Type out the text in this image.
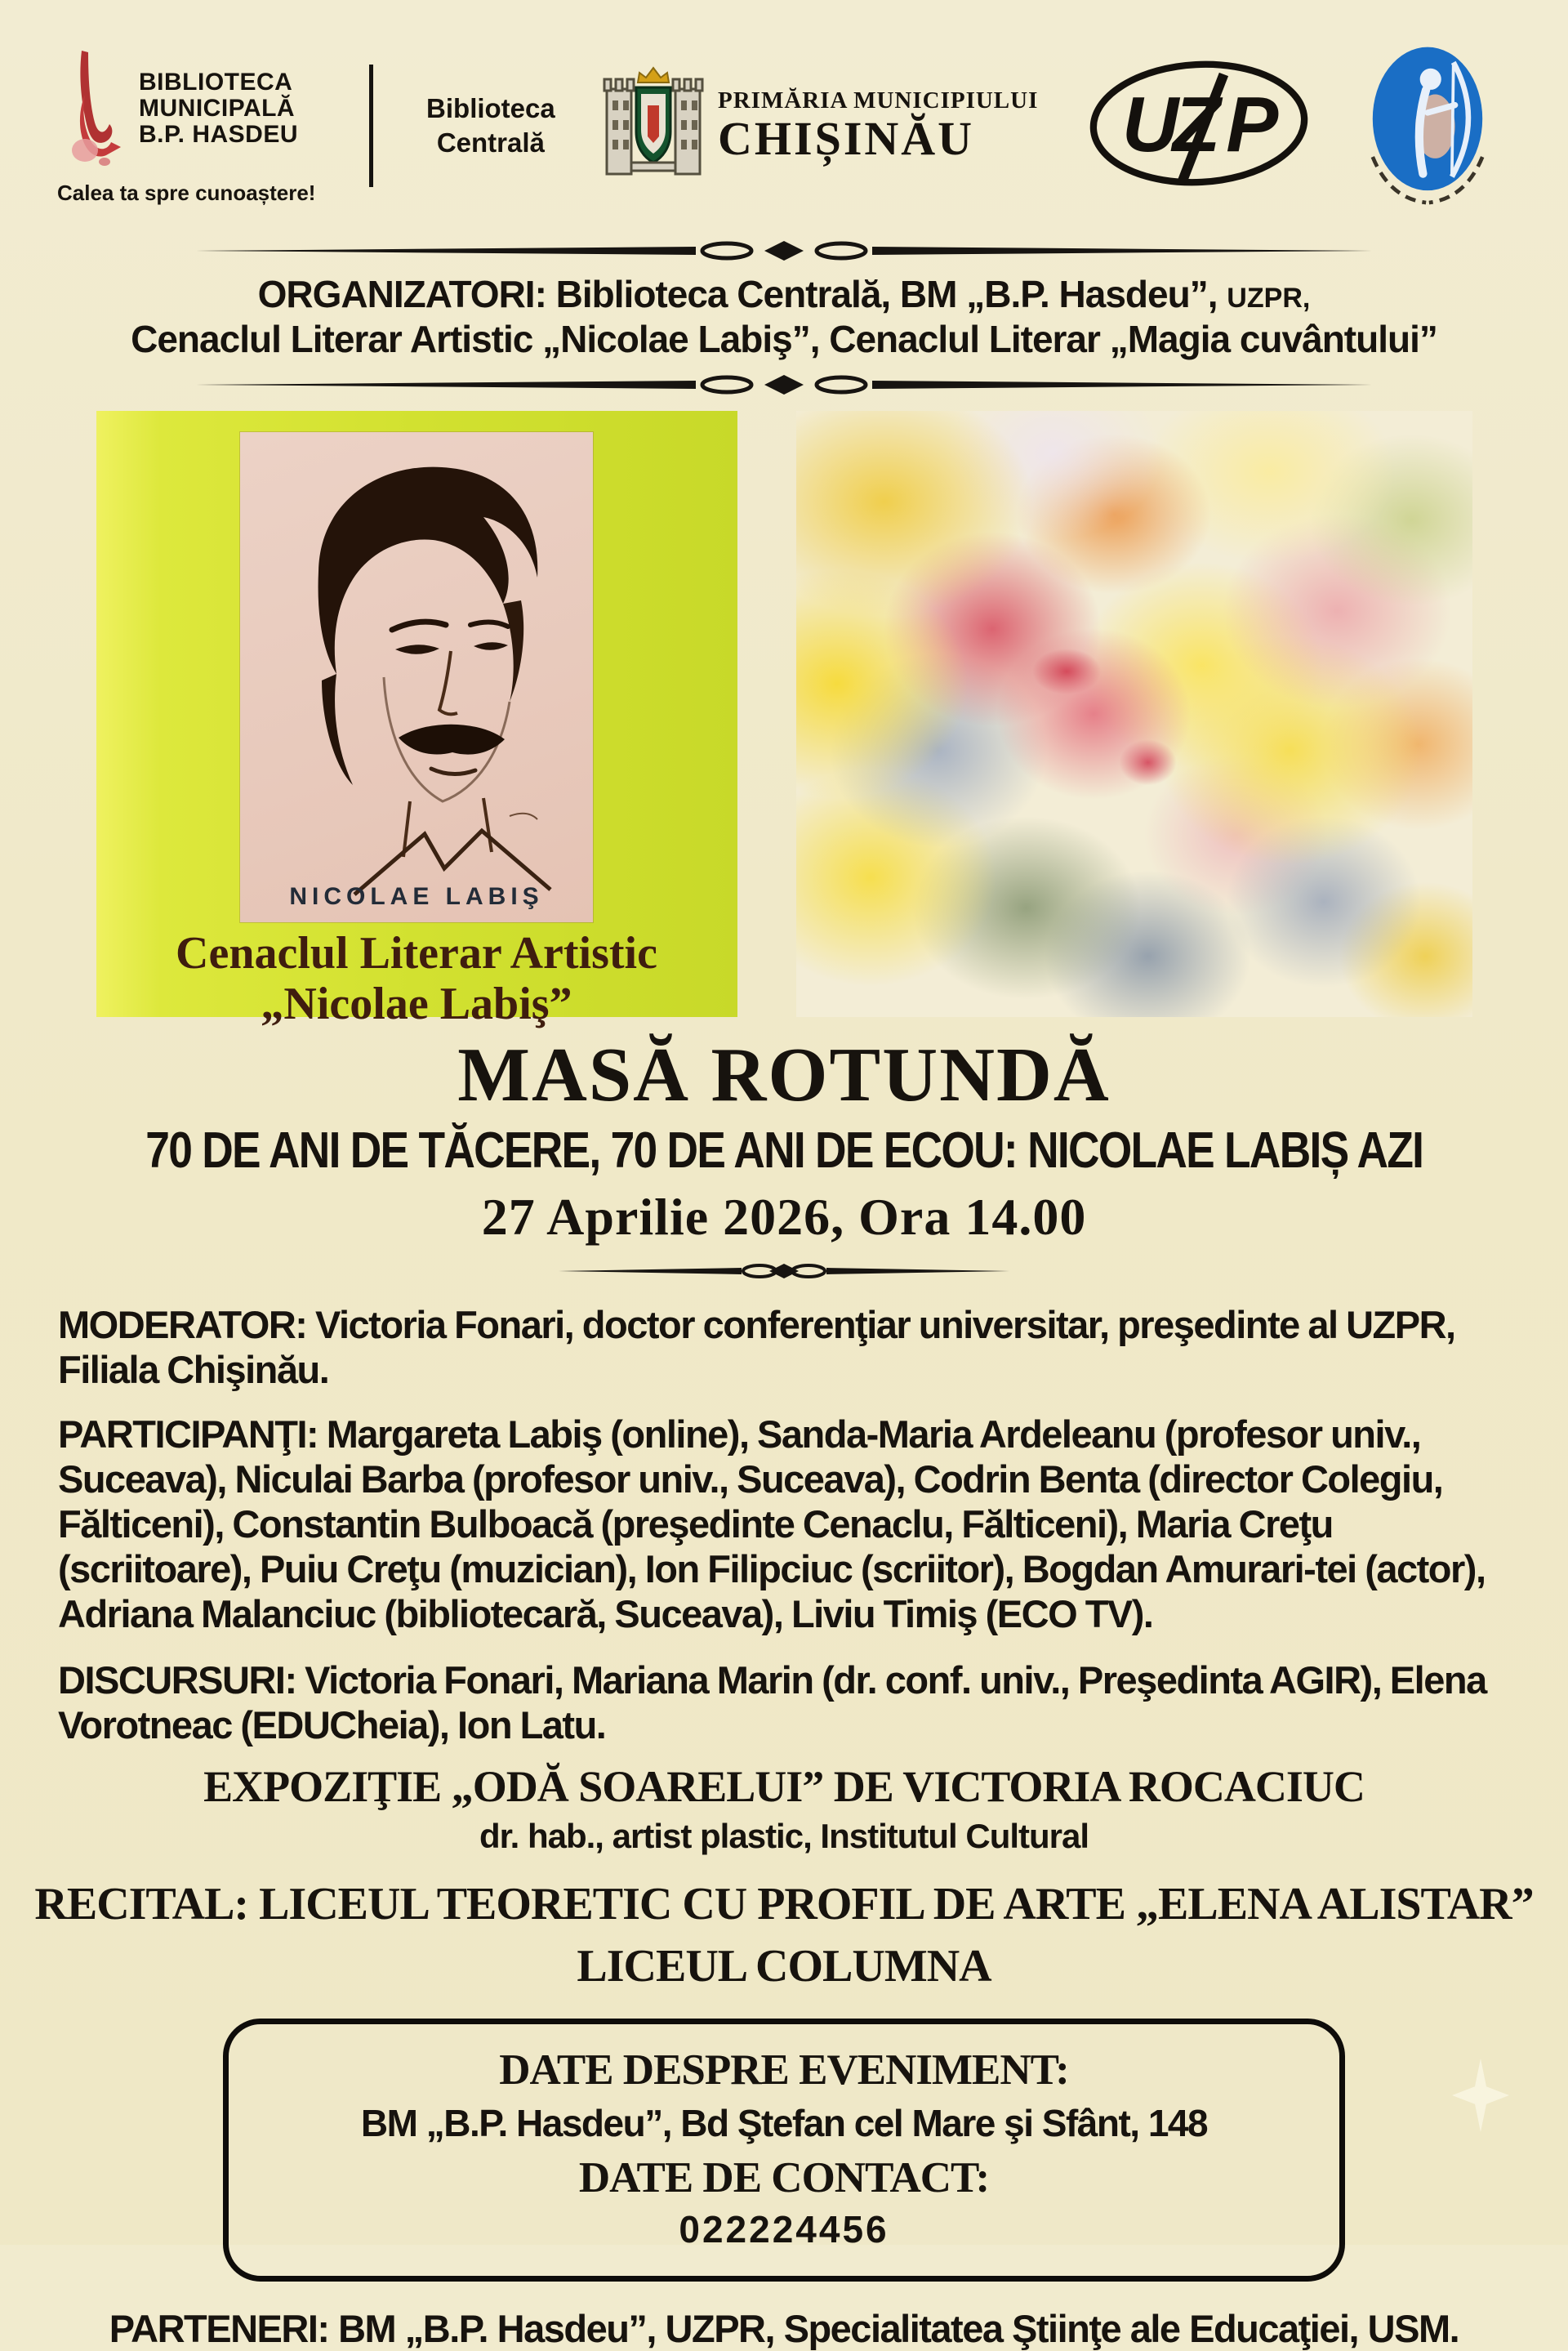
BIBLIOTECA
MUNICIPALĂ
B.P. HASDEU
Calea ta spre cunoaștere!
Biblioteca
Centrală
PRIMĂRIA MUNICIPIULUI
CHIȘINĂU	UZ P
ORGANIZATORI: Biblioteca Centrală, BM „B.P. Hasdeu”, UZPR,
Cenaclul Literar Artistic „Nicolae Labiş”, Cenaclul Literar „Magia cuvântului”
NICOLAE LABIŞ
Cenaclul Literar Artistic
„Nicolae Labiş”
MASĂ ROTUNDĂ
70 DE ANI DE TĂCERE, 70 DE ANI DE ECOU: NICOLAE LABIȘ AZI
27 Aprilie 2026, Ora 14.00
MODERATOR: Victoria Fonari, doctor conferenţiar universitar, preşedinte al UZPR, Filiala Chişinău.
PARTICIPANŢI: Margareta Labiş (online), Sanda-Maria Ardeleanu (profesor univ., Suceava), Niculai Barba (profesor univ., Suceava), Codrin Benta (director Colegiu, Fălticeni), Constantin Bulboacă (preşedinte Cenaclu, Fălticeni), Maria Creţu (scriitoare), Puiu Creţu (muzician), Ion Filipciuc (scriitor), Bogdan Amurari-tei (actor), Adriana Malanciuc (bibliotecară, Suceava), Liviu Timiş (ECO TV).
DISCURSURI: Victoria Fonari, Mariana Marin (dr. conf. univ., Preşedinta AGIR), Elena Vorotneac (EDUCheia), Ion Latu.
EXPOZIŢIE „ODĂ SOARELUI” DE VICTORIA ROCACIUC
dr. hab., artist plastic, Institutul Cultural
RECITAL: LICEUL TEORETIC CU PROFIL DE ARTE „ELENA ALISTAR”
LICEUL COLUMNA
DATE DESPRE EVENIMENT:
BM „B.P. Hasdeu”, Bd Ştefan cel Mare şi Sfânt, 148
DATE DE CONTACT:
022224456
PARTENERI: BM „B.P. Hasdeu”, UZPR, Specialitatea Ştiinţe ale Educaţiei, USM.
